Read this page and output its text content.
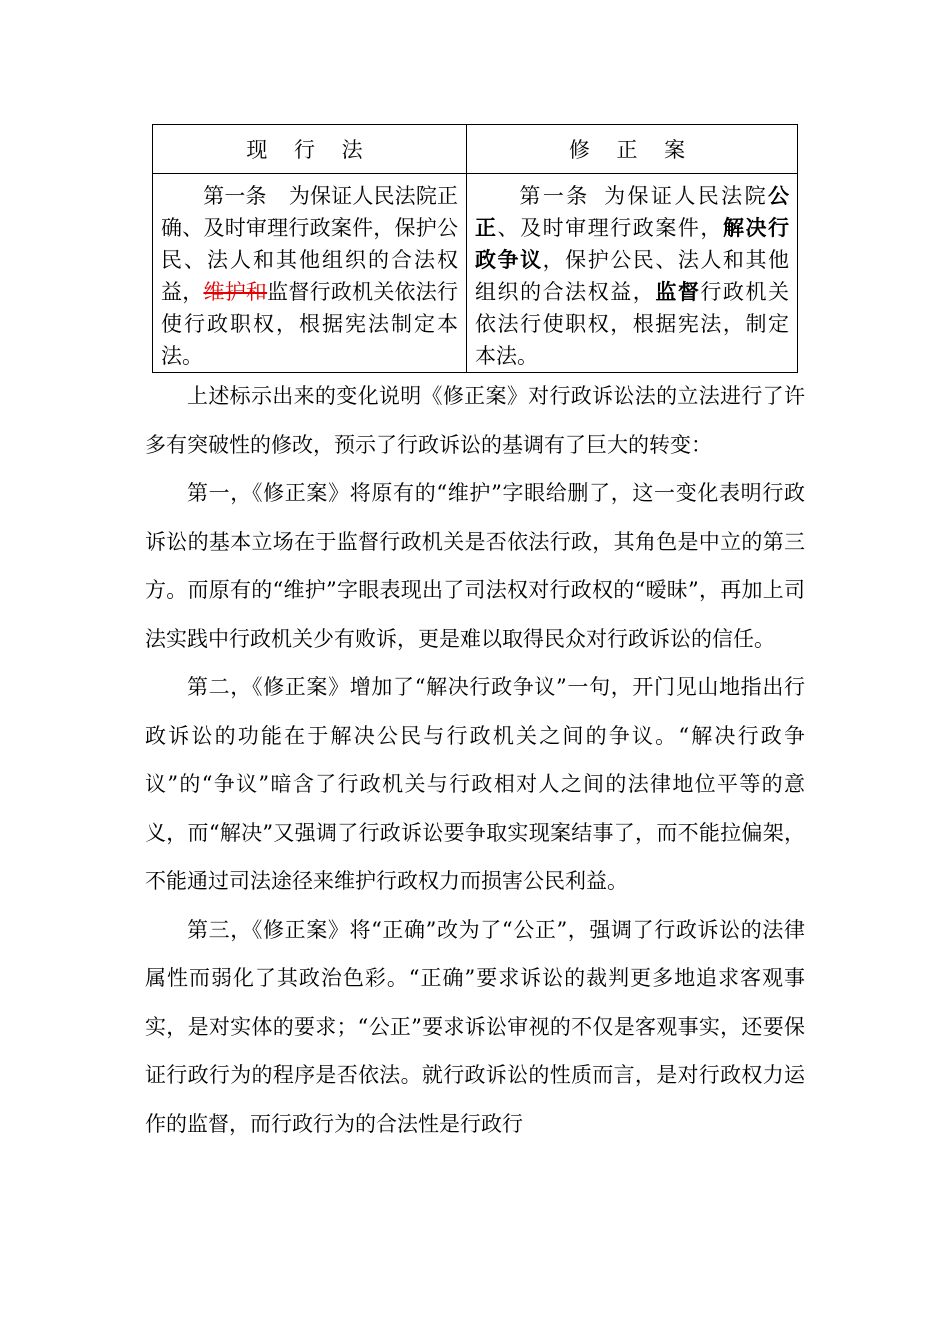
现 行 法	修 正 案
第一条 为保证人民法院正确、及时审理行政案件，保护公民、法人和其他组织的合法权益，维护和监督行政机关依法行使行政职权，根据宪法制定本法。	第一条 为保证人民法院公正、及时审理行政案件，解决行政争议，保护公民、法人和其他组织的合法权益，监督行政机关依法行使职权，根据宪法，制定本法。

上述标示出来的变化说明《修正案》对行政诉讼法的立法进行了许多有突破性的修改，预示了行政诉讼的基调有了巨大的转变：

第一，《修正案》将原有的“维护”字眼给删了，这一变化表明行政诉讼的基本立场在于监督行政机关是否依法行政，其角色是中立的第三方。而原有的“维护”字眼表现出了司法权对行政权的“暧昧”，再加上司法实践中行政机关少有败诉，更是难以取得民众对行政诉讼的信任。

第二，《修正案》增加了“解决行政争议”一句，开门见山地指出行政诉讼的功能在于解决公民与行政机关之间的争议。“解决行政争议”的“争议”暗含了行政机关与行政相对人之间的法律地位平等的意义，而“解决”又强调了行政诉讼要争取实现案结事了，而不能拉偏架，不能通过司法途径来维护行政权力而损害公民利益。

第三，《修正案》将“正确”改为了“公正”，强调了行政诉讼的法律属性而弱化了其政治色彩。“正确”要求诉讼的裁判更多地追求客观事实，是对实体的要求；“公正”要求诉讼审视的不仅是客观事实，还要保证行政行为的程序是否依法。就行政诉讼的性质而言，是对行政权力运作的监督，而行政行为的合法性是行政行
